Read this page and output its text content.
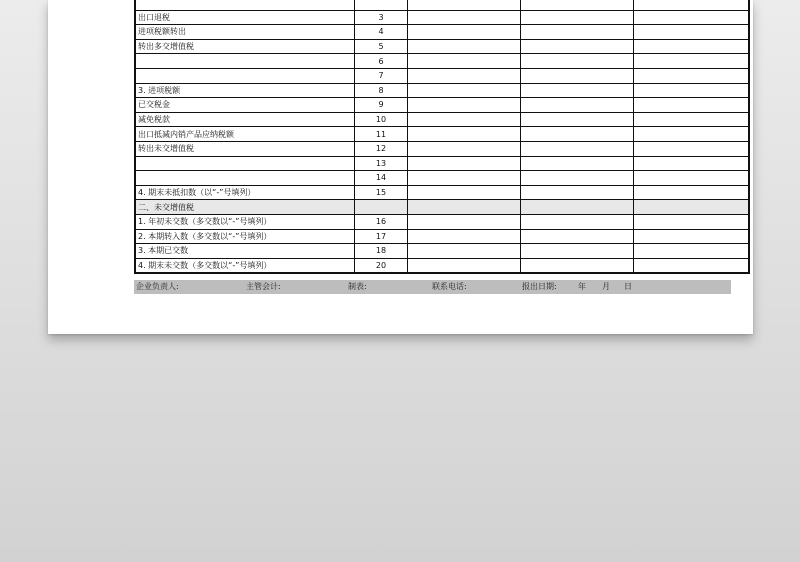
出口退税	3			
进项税额转出	4			
转出多交增值税	5			
	6			
	7			
3. 进项税额	8			
已交税金	9			
减免税款	10			
出口抵减内销产品应纳税额	11			
转出未交增值税	12			
	13			
	14			
4. 期末未抵扣数（以“-”号填列）	15			
二、未交增值税				
1. 年初未交数（多交数以“-”号填列）	16			
2. 本期转入数（多交数以“-”号填列）	17			
3. 本期已交数	18			
4. 期末未交数（多交数以“-”号填列）	20			
企业负责人:	主管会计:	制表:	联系电话:	报出日期:	年 月 日
